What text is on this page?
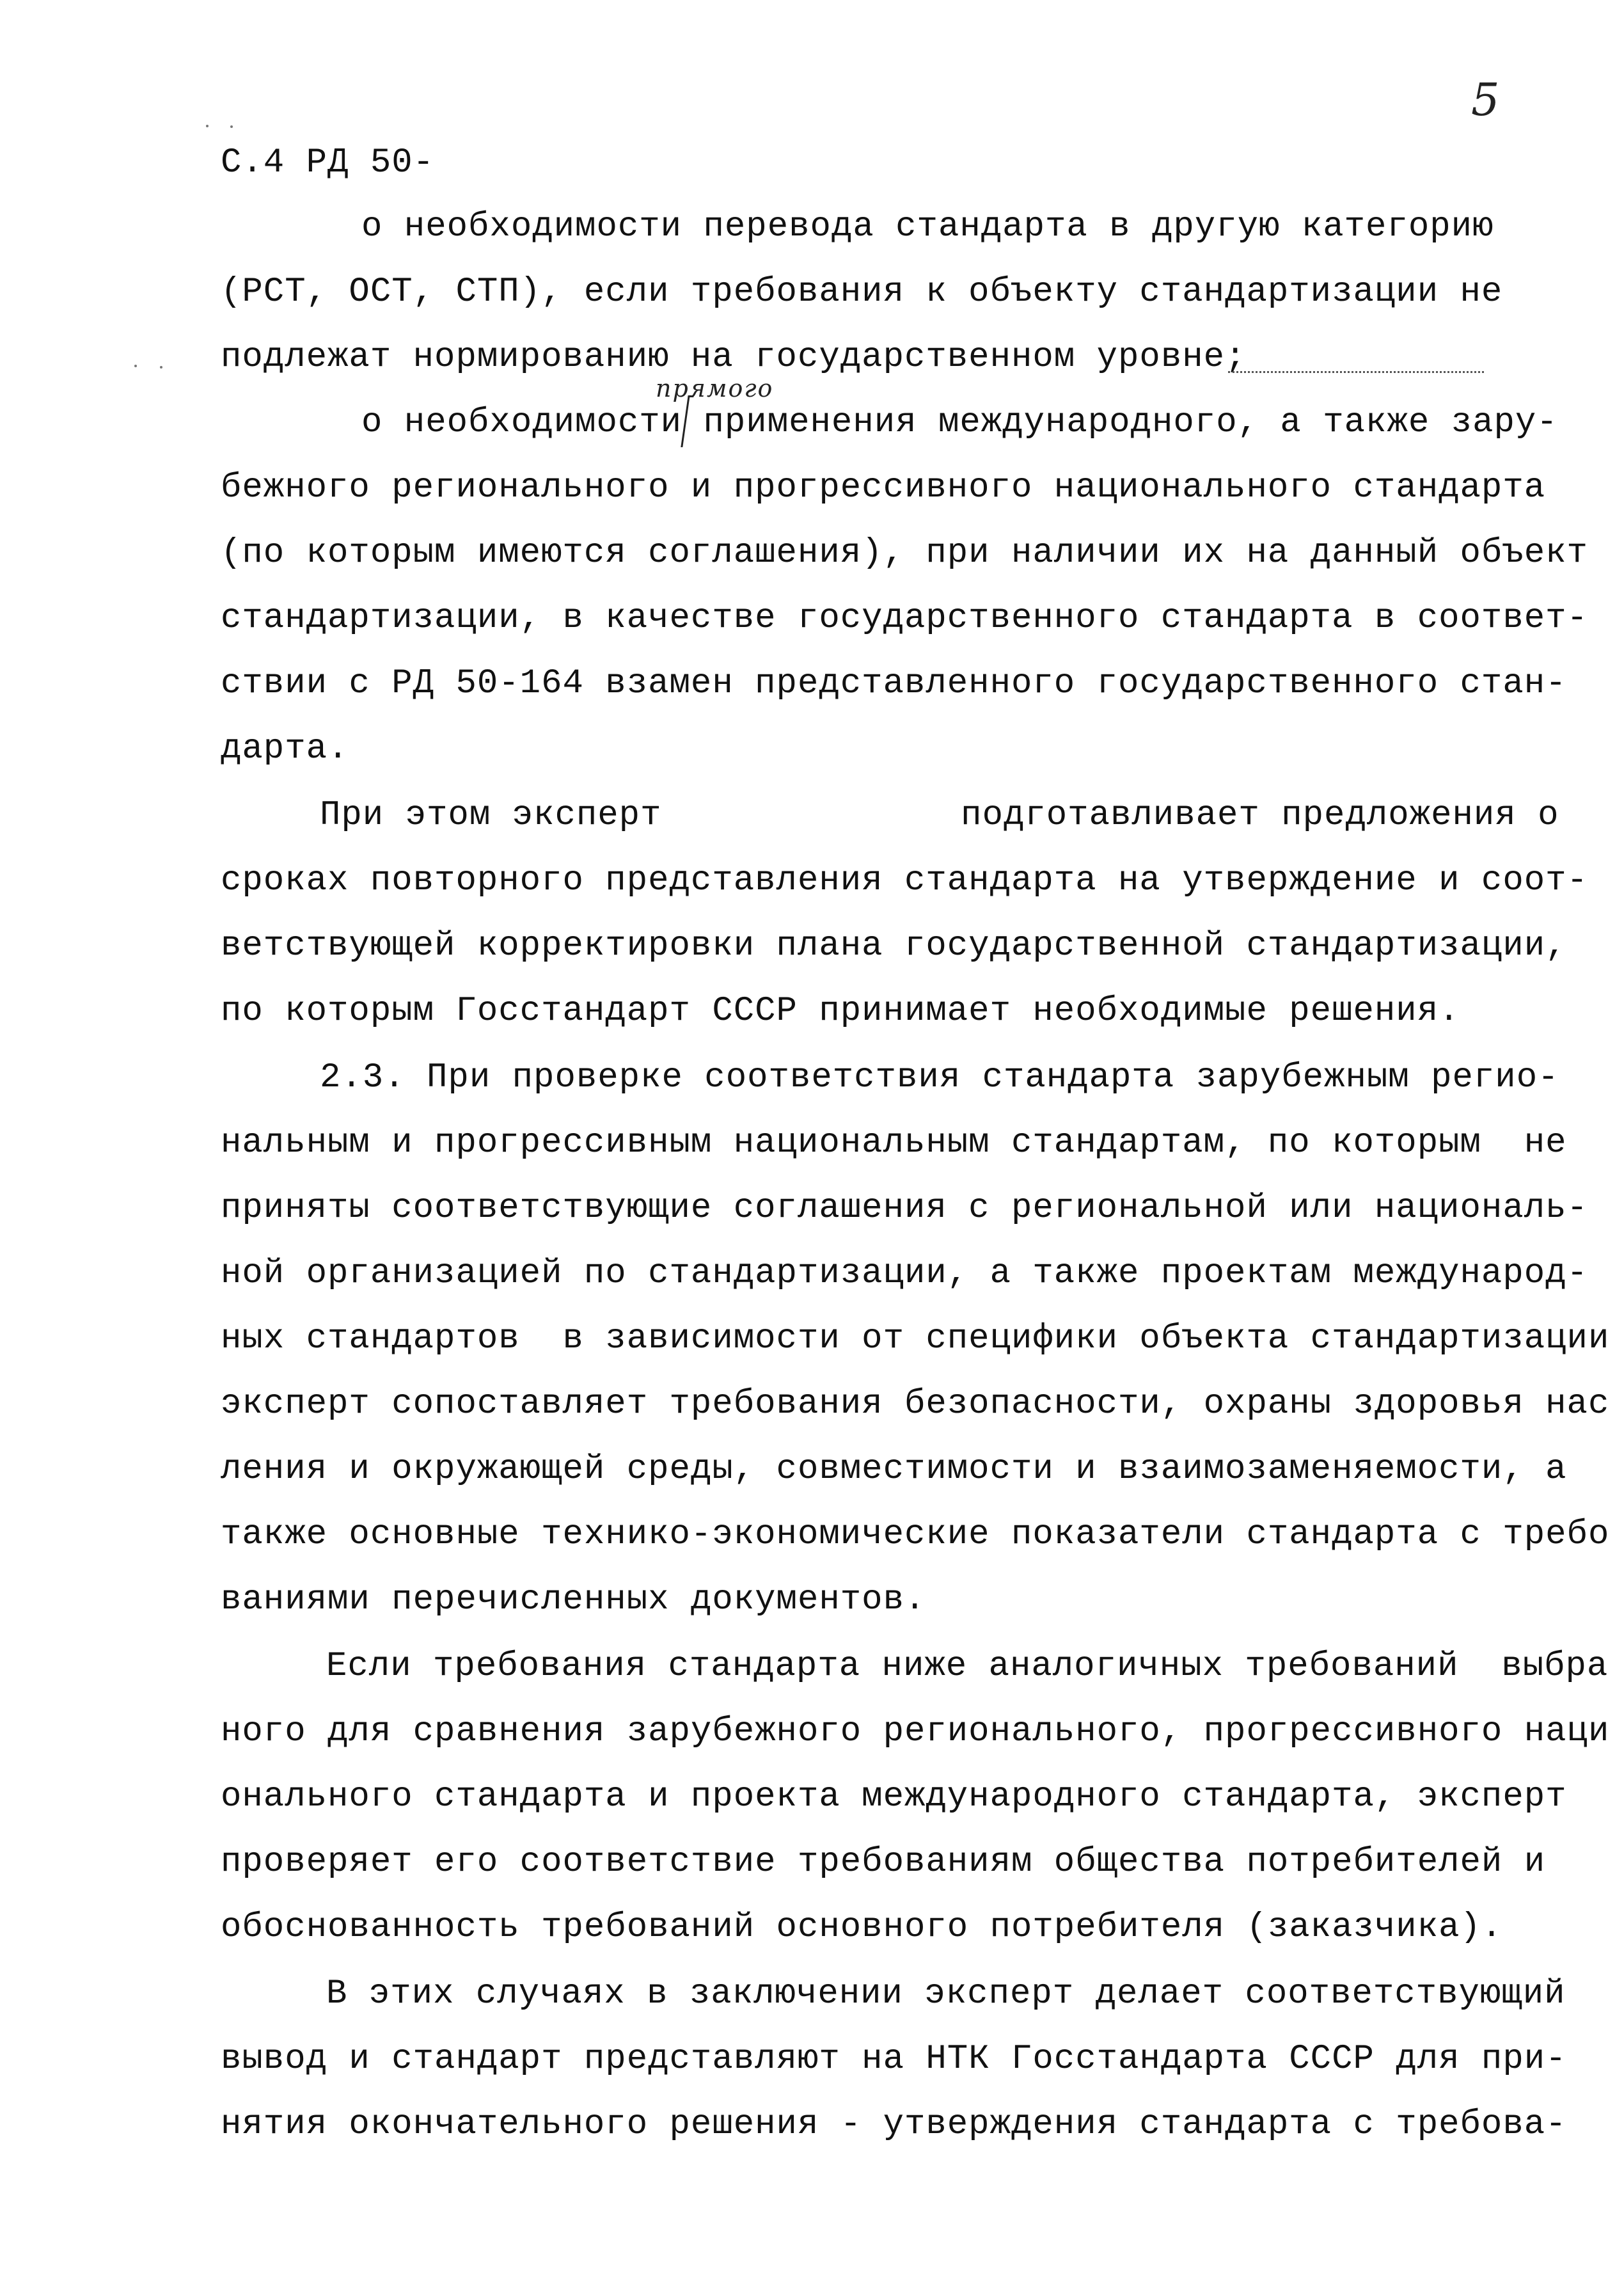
5
С.4 РД 50-
о необходимости перевода стандарта в другую категорию
(РСТ, ОСТ, СТП), если требования к объекту стандартизации не
подлежат нормированию на государственном уровне;
прямого
о необходимости применения международного, а также зару-
бежного регионального и прогрессивного национального стандарта
(по которым имеются соглашения), при наличии их на данный объект
стандартизации, в качестве государственного стандарта в соответ-
ствии с РД 50-164 взамен представленного государственного стан-
дарта.
При этом эксперт              подготавливает предложения о
сроках повторного представления стандарта на утверждение и соот-
ветствующей корректировки плана государственной стандартизации,
по которым Госстандарт СССР принимает необходимые решения.
2.3. При проверке соответствия стандарта зарубежным регио-
нальным и прогрессивным национальным стандартам, по которым  не
приняты соответствующие соглашения с региональной или националь-
ной организацией по стандартизации, а также проектам международ-
ных стандартов  в зависимости от специфики объекта стандартизации
эксперт сопоставляет требования безопасности, охраны здоровья нас
ления и окружающей среды, совместимости и взаимозаменяемости, а
также основные технико-экономические показатели стандарта с требо
ваниями перечисленных документов.
Если требования стандарта ниже аналогичных требований  выбра
ного для сравнения зарубежного регионального, прогрессивного наци
онального стандарта и проекта международного стандарта, эксперт
проверяет его соответствие требованиям общества потребителей и
обоснованность требований основного потребителя (заказчика).
В этих случаях в заключении эксперт делает соответствующий
вывод и стандарт представляют на НТК Госстандарта СССР для при-
нятия окончательного решения - утверждения стандарта с требова-
